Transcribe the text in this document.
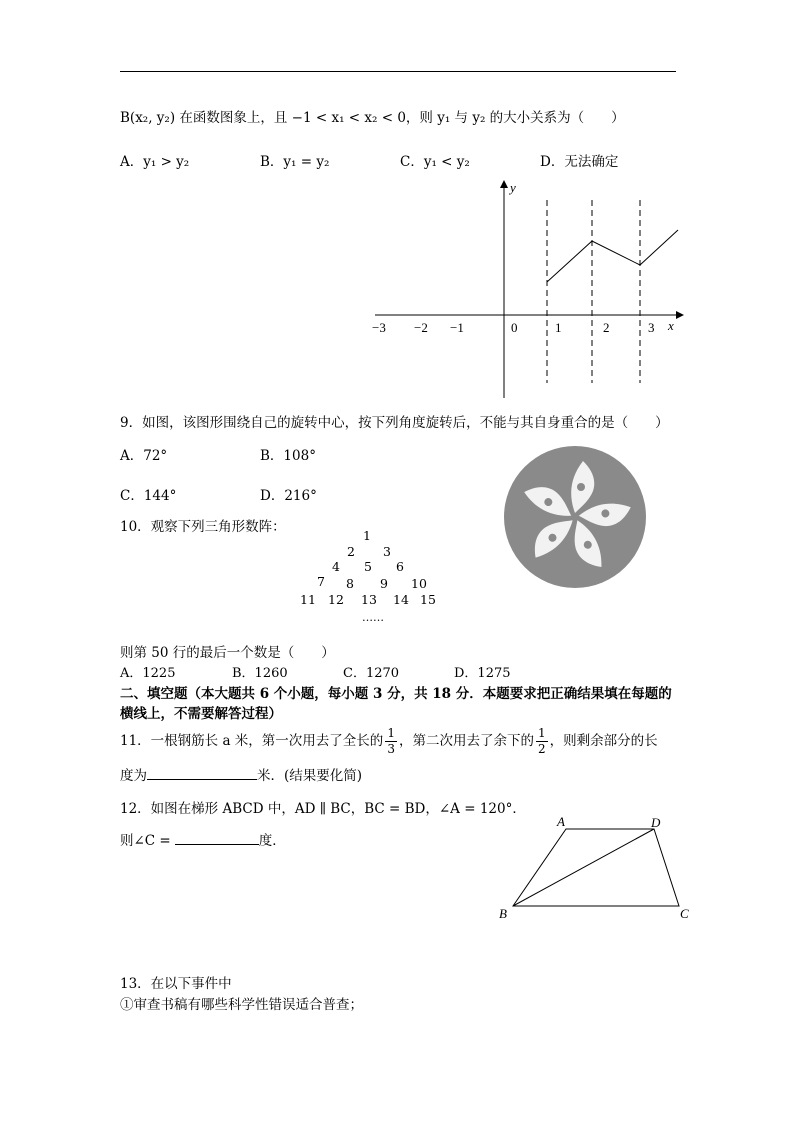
B(x₂, y₂) 在函数图象上，且 −1 < x₁ < x₂ < 0，则 y₁ 与 y₂ 的大小关系为（　　）
A．y₁ > y₂	B．y₁ = y₂	C．y₁ < y₂	D．无法确定
y
x
−3 −2 −1	0	1	2	3
9．如图，该图形围绕自己的旋转中心，按下列角度旋转后，不能与其自身重合的是（　　）
A．72°	B．108°
C．144°	D．216°
10．观察下列三角形数阵：
1
2 3
4 5 6
7 8 9 10
11 12 13 14 15
……
则第 50 行的最后一个数是（　　）
A．1225	B．1260	C．1270	D．1275
二、填空题（本大题共 6 个小题，每小题 3 分，共 18 分．本题要求把正确结果填在每题的
横线上，不需要解答过程）
11．一根钢筋长 a 米，第一次用去了全长的 $\frac{1}{3}$ ，第二次用去了余下的 $\frac{1}{2}$ ，则剩余部分的长
度为	米．(结果要化简)
12．如图在梯形 ABCD 中，AD ∥ BC，BC = BD，∠A = 120°．
则∠C =	度．
A	D
B	C
13．在以下事件中
①审查书稿有哪些科学性错误适合普查；
